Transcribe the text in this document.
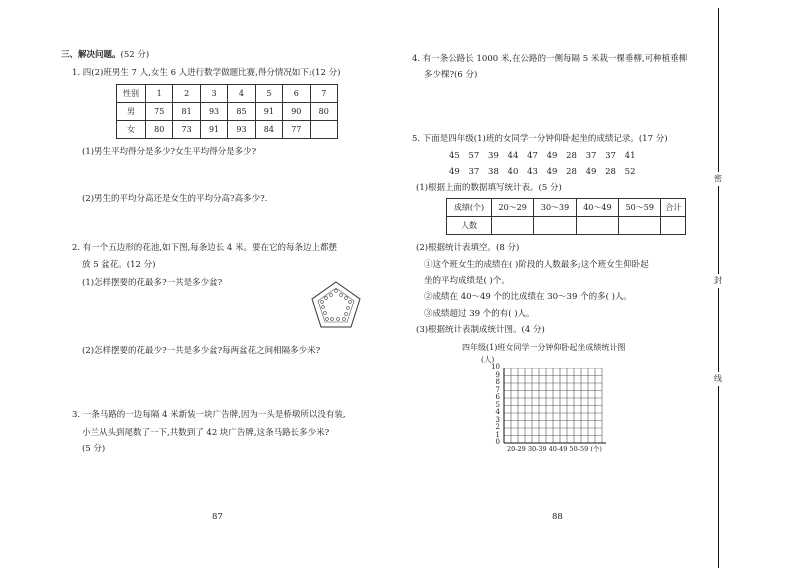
三、解决问题。(52 分)
1. 四(2)班男生 7 人,女生 6 人进行数学做题比赛,得分情况如下:(12 分)
性别	1	2	3	4	5	6	7
男	75	81	93	85	91	90	80
女	80	73	91	93	84	77	
(1)男生平均得分是多少?女生平均得分是多少?
(2)男生的平均分高还是女生的平均分高?高多少?.
2. 有一个五边形的花池,如下图,每条边长 4 米。要在它的每条边上都摆
放 5 盆花。(12 分)
(1)怎样摆要的花最多?一共是多少盆?
(2)怎样摆要的花最少?一共是多少盆?每两盆花之间相隔多少米?
3. 一条马路的一边每隔 4 米新装一块广告牌,因为一头是桥墩所以没有装,
小兰从头到尾数了一下,共数到了 42 块广告牌,这条马路长多少米?
(5 分)
87
4. 有一条公路长 1000 米,在公路的一侧每隔 5 米栽一棵垂柳,可种植垂柳
多少棵?(6 分)
5. 下面是四年级(1)班的女同学一分钟仰卧起坐的成绩记录。(17 分)
45 57 39 44 47 49 28 37 37 41
49 37 38 40 43 49 28 49 28 52
(1)根据上面的数据填写统计表。(5 分)
成绩(个)	20～29	30～39	40～49	50～59	合计
人数					
(2)根据统计表填空。(8 分)
①这个班女生的成绩在( )阶段的人数最多;这个班女生仰卧起
坐的平均成绩是( )个。
②成绩在 40～49 个的比成绩在 30～39 个的多( )人。
③成绩超过 39 个的有( )人。
(3)根据统计表制成统计图。(4 分)
四年级(1)班女同学一分钟仰卧起坐成绩统计图
(人)
10
9
8
7
6
5
4
3
2
1
0
20-29 30-39 40-49 50-59 (个)
88
密
封
线
